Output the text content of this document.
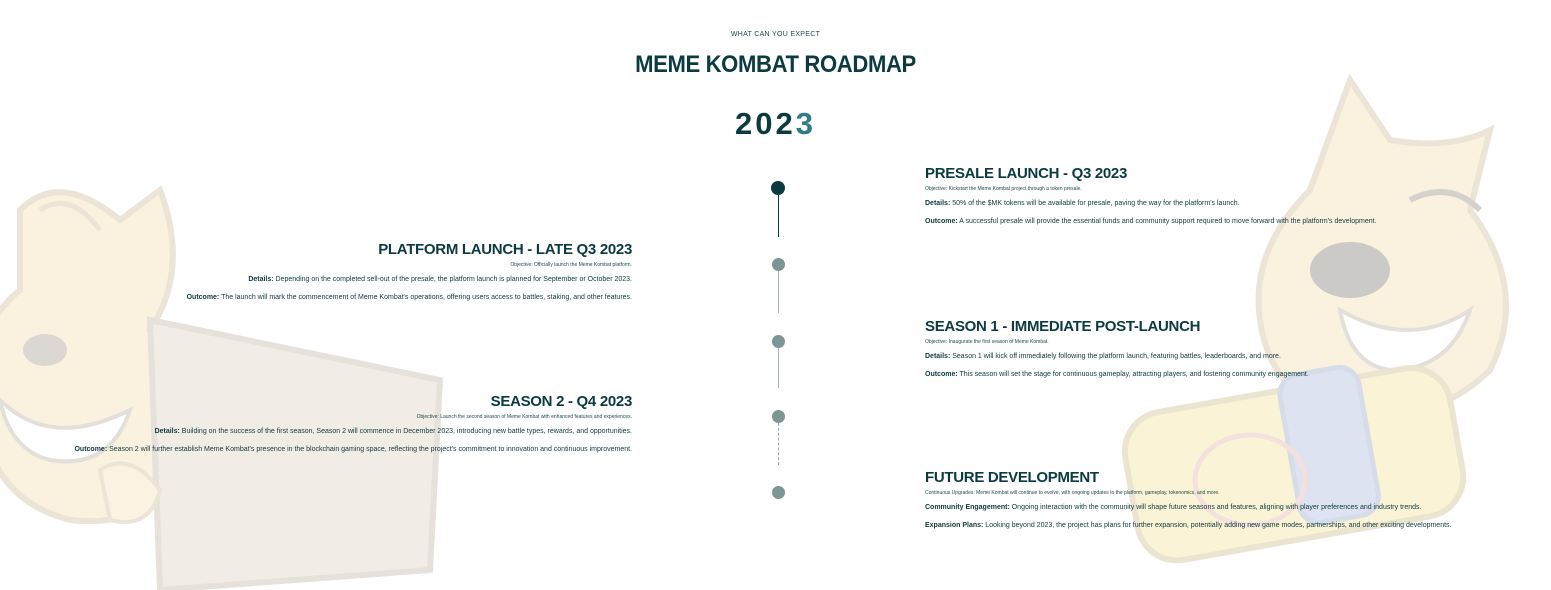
WHAT CAN YOU EXPECT
MEME KOMBAT ROADMAP
2023
PRESALE LAUNCH - Q3 2023
Objective: Kickstart the Meme Kombat project through a token presale.

Details: 50% of the $MK tokens will be available for presale, paving the way for the platform's launch.

Outcome: A successful presale will provide the essential funds and community support required to move forward with the platform's development.

PLATFORM LAUNCH - LATE Q3 2023
Objective: Officially launch the Meme Kombat platform.

Details: Depending on the completed sell-out of the presale, the platform launch is planned for September or October 2023.

Outcome: The launch will mark the commencement of Meme Kombat's operations, offering users access to battles, staking, and other features.

SEASON 1 - IMMEDIATE POST-LAUNCH
Objective: Inaugurate the first season of Meme Kombat.

Details: Season 1 will kick off immediately following the platform launch, featuring battles, leaderboards, and more.

Outcome: This season will set the stage for continuous gameplay, attracting players, and fostering community engagement.

SEASON 2 - Q4 2023
Objective: Launch the second season of Meme Kombat with enhanced features and experiences.

Details: Building on the success of the first season, Season 2 will commence in December 2023, introducing new battle types, rewards, and opportunities.

Outcome: Season 2 will further establish Meme Kombat's presence in the blockchain gaming space, reflecting the project's commitment to innovation and continuous improvement.

FUTURE DEVELOPMENT
Continuous Upgrades: Meme Kombat will continue to evolve, with ongoing updates to the platform, gameplay, tokenomics, and more.

Community Engagement: Ongoing interaction with the community will shape future seasons and features, aligning with player preferences and industry trends.

Expansion Plans: Looking beyond 2023, the project has plans for further expansion, potentially adding new game modes, partnerships, and other exciting developments.
